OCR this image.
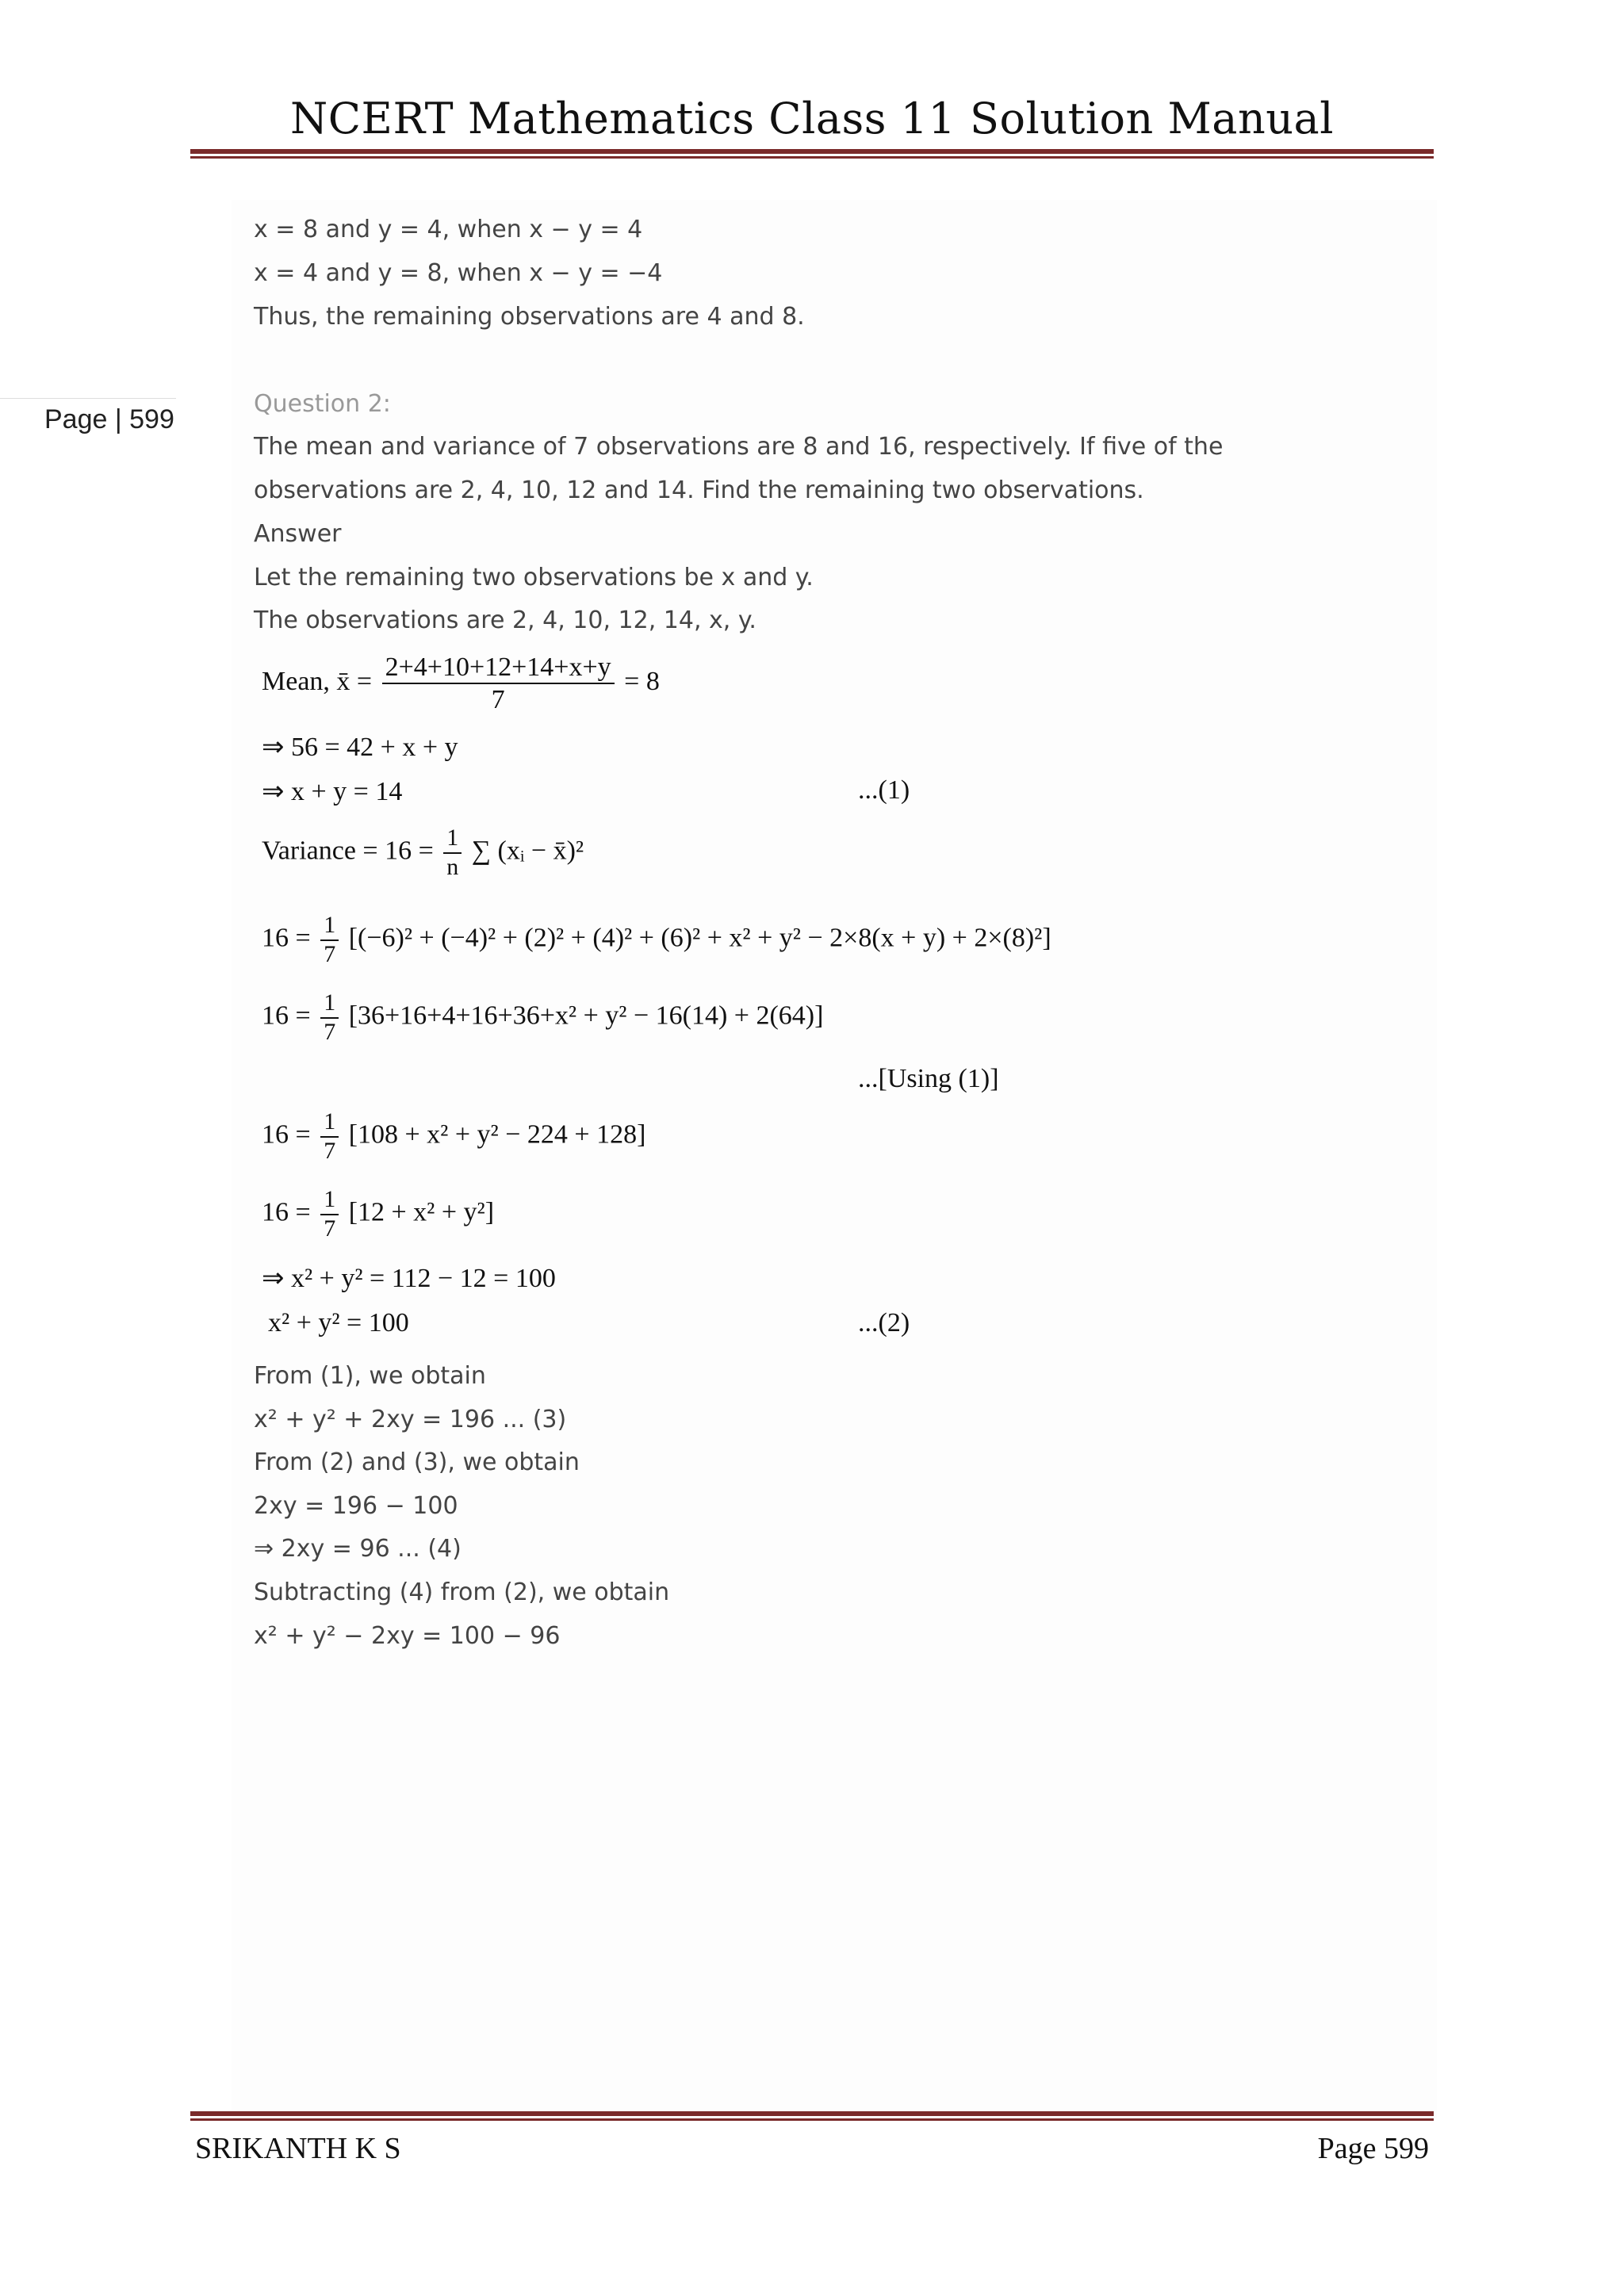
NCERT Mathematics Class 11 Solution Manual
Page | 599
x = 8 and y = 4, when x − y = 4
x = 4 and y = 8, when x − y = −4
Thus, the remaining observations are 4 and 8.
Question 2:
The mean and variance of 7 observations are 8 and 16, respectively. If five of the
observations are 2, 4, 10, 12 and 14. Find the remaining two observations.
Answer
Let the remaining two observations be x and y.
The observations are 2, 4, 10, 12, 14, x, y.
Mean, x̄ = $\frac{2+4+10+12+14+x+y}{7} = 8$
⇒ 56 = 42 + x + y
⇒ x + y = 14	...(1)
Variance = $16 = \frac{1}{n}$ ∑ (xᵢ − x̄)²
$16 = \frac{1}{7} [(-6)^2 + (-4)^2 + (2)^2 + (4)^2 + (6)^2 + x^2 + y^2 - 2\times 8(x + y) + 2\times(8)^2]$
$16 = \frac{1}{7} [36+16+4+16+36+x^2 + y^2 - 16(14) + 2(64)]$
...[Using (1)]
$16 = \frac{1}{7} [108 + x^2 + y^2 - 224 + 128]$
$16 = \frac{1}{7} [12 + x^2 + y^2]$
⇒ x² + y² = 112 − 12 = 100
x² + y² = 100	...(2)
From (1), we obtain
x² + y² + 2xy = 196 ... (3)
From (2) and (3), we obtain
2xy = 196 − 100
⇒ 2xy = 96 ... (4)
Subtracting (4) from (2), we obtain
x² + y² − 2xy = 100 − 96
SRIKANTH K S	Page 599
